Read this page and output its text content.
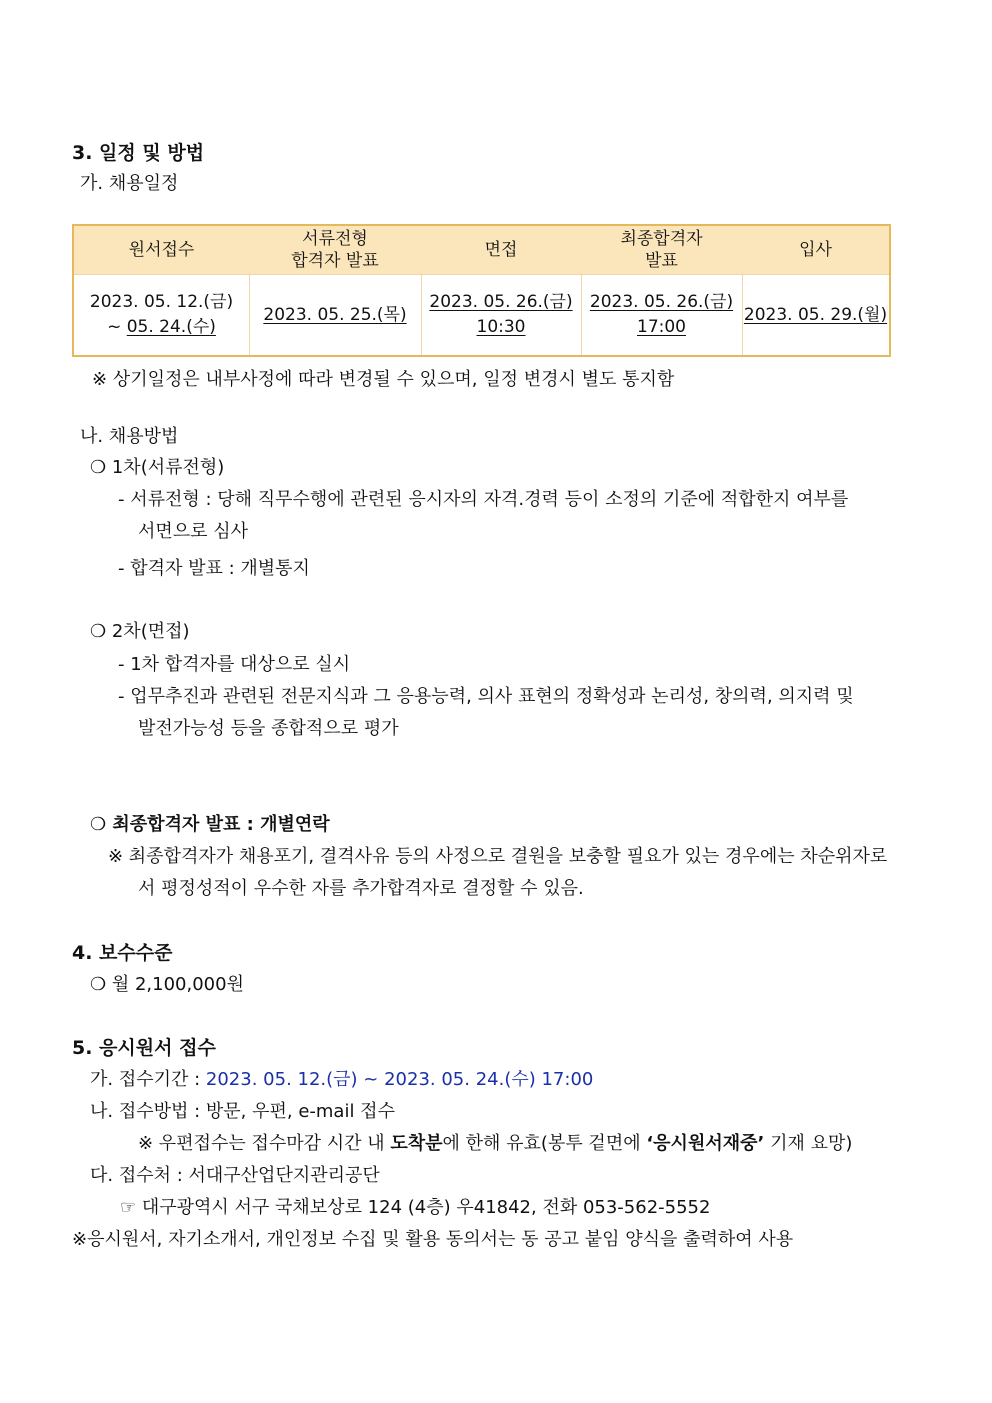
3. 일정 및 방법
가. 채용일정
원서접수
서류전형
합격자 발표
면접
최종합격자
발표
입사
2023. 05. 12.(금)
~ 05. 24.(수)
2023. 05. 25.(목)
2023. 05. 26.(금)
10:30
2023. 05. 26.(금)
17:00
2023. 05. 29.(월)
※ 상기일정은 내부사정에 따라 변경될 수 있으며, 일정 변경시 별도 통지함
나. 채용방법
❍ 1차(서류전형)
- 서류전형 : 당해 직무수행에 관련된 응시자의 자격.경력 등이 소정의 기준에 적합한지 여부를
서면으로 심사
- 합격자 발표 : 개별통지
❍ 2차(면접)
- 1차 합격자를 대상으로 실시
- 업무추진과 관련된 전문지식과 그 응용능력, 의사 표현의 정확성과 논리성, 창의력, 의지력 및
발전가능성 등을 종합적으로 평가
❍ 최종합격자 발표 : 개별연락
※ 최종합격자가 채용포기, 결격사유 등의 사정으로 결원을 보충할 필요가 있는 경우에는 차순위자로
서 평정성적이 우수한 자를 추가합격자로 결정할 수 있음.
4. 보수수준
❍ 월 2,100,000원
5. 응시원서 접수
가. 접수기간 : 2023. 05. 12.(금) ~ 2023. 05. 24.(수) 17:00
나. 접수방법 : 방문, 우편, e-mail 접수
※ 우편접수는 접수마감 시간 내 도착분에 한해 유효(봉투 겉면에 ‘응시원서재중’ 기재 요망)
다. 접수처 : 서대구산업단지관리공단
☞ 대구광역시 서구 국채보상로 124 (4층) 우41842, 전화 053-562-5552
※응시원서, 자기소개서, 개인정보 수집 및 활용 동의서는 동 공고 붙임 양식을 출력하여 사용
